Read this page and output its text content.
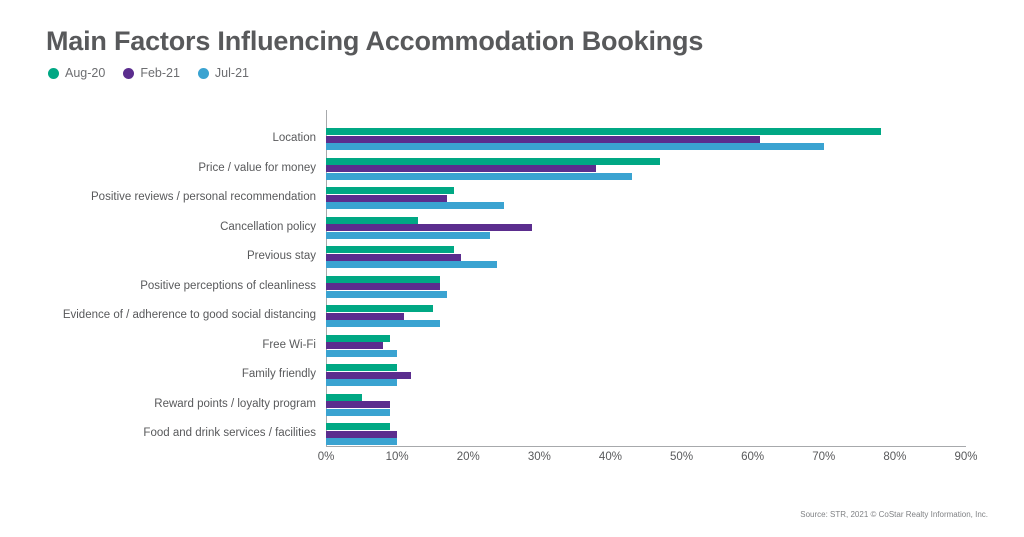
Main Factors Influencing Accommodation Bookings
Aug-20	Feb-21	Jul-21
Location
Price / value for money
Positive reviews / personal recommendation
Cancellation policy
Previous stay
Positive perceptions of cleanliness
Evidence of / adherence to good social distancing
Free Wi-Fi
Family friendly
Reward points / loyalty program
Food and drink services / facilities
0%	10%	20%	30%	40%	50%	60%	70%	80%	90%
Source: STR, 2021 © CoStar Realty Information, Inc.
